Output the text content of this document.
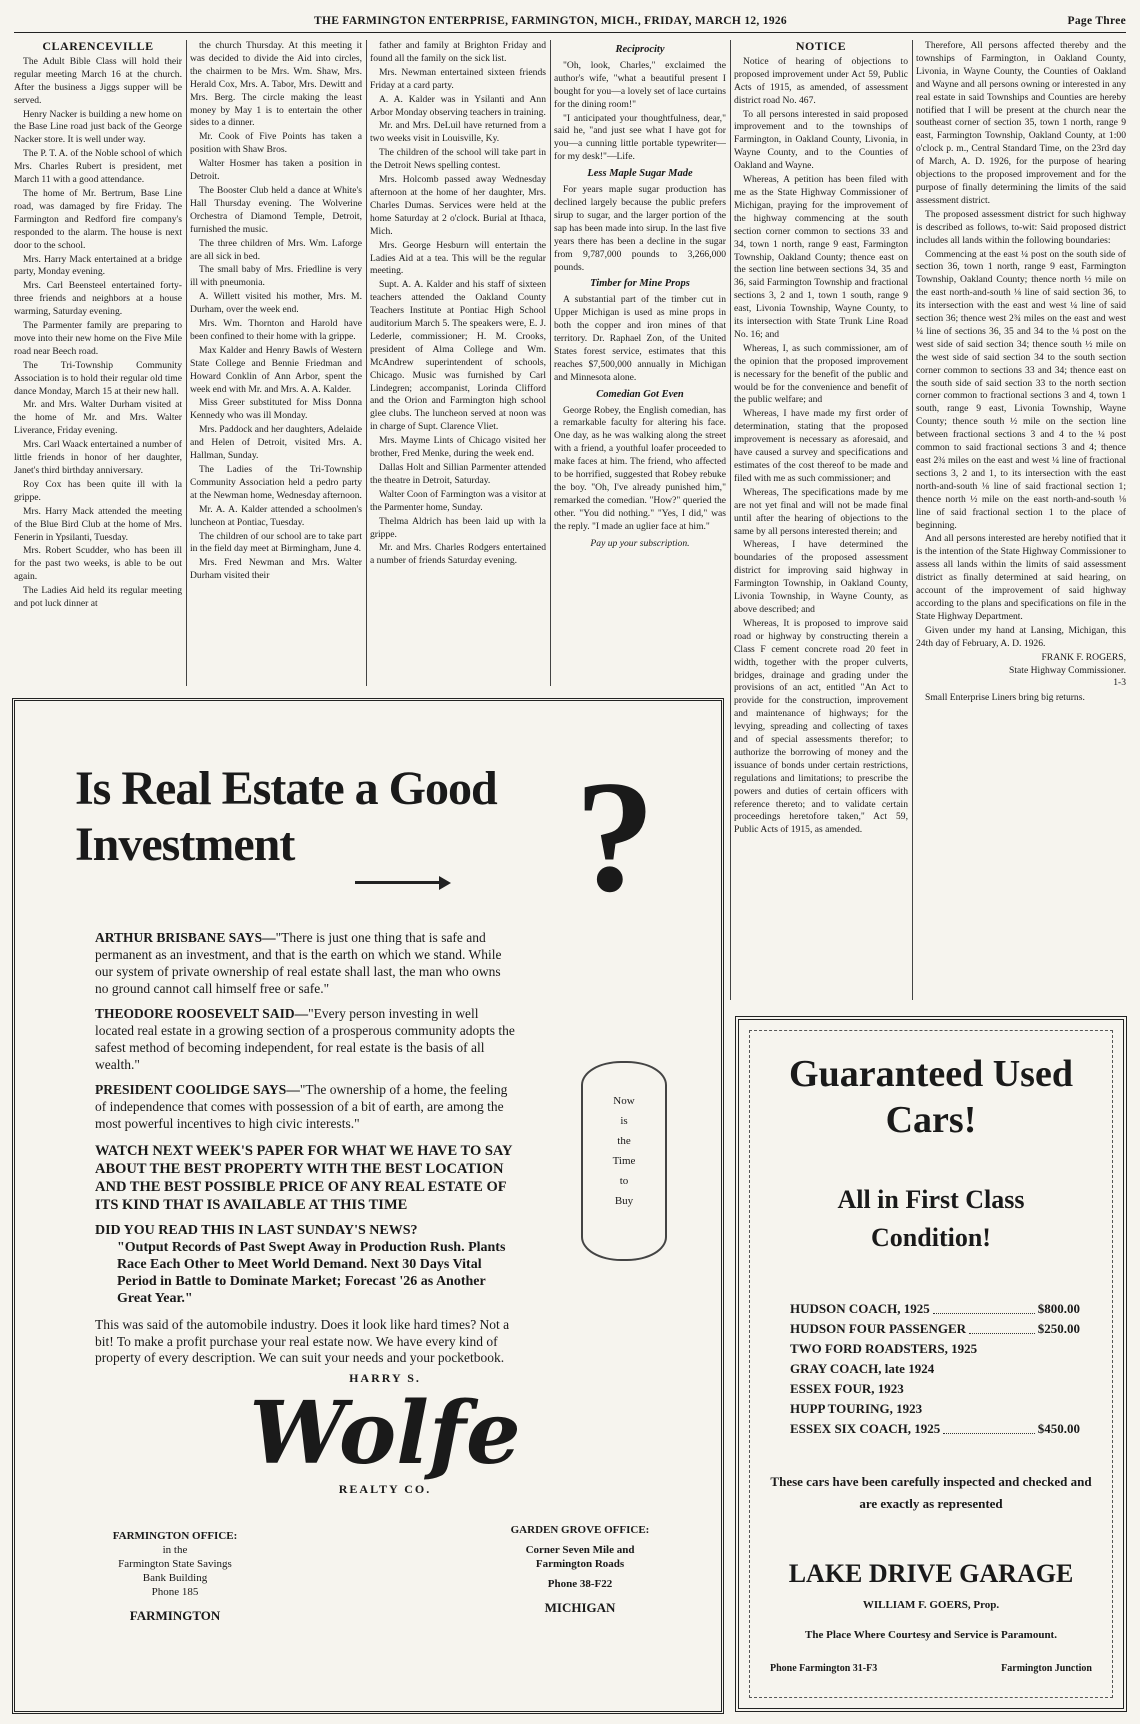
THE FARMINGTON ENTERPRISE, FARMINGTON, MICH., FRIDAY, MARCH 12, 1926	Page Three
CLARENCEVILLE

The Adult Bible Class will hold their regular meeting March 16 at the church. After the business a Jiggs supper will be served.

Henry Nacker is building a new home on the Base Line road just back of the George Nacker store. It is well under way.

The P. T. A. of the Noble school of which Mrs. Charles Rubert is president, met March 11 with a good attendance.

The home of Mr. Bertrum, Base Line road, was damaged by fire Friday. The Farmington and Redford fire company's responded to the alarm. The house is next door to the school.

Mrs. Harry Mack entertained at a bridge party, Monday evening.

Mrs. Carl Beensteel entertained forty-three friends and neighbors at a house warming, Saturday evening.

The Parmenter family are preparing to move into their new home on the Five Mile road near Beech road.

The Tri-Township Community Association is to hold their regular old time dance Monday, March 15 at their new hall.

Mr. and Mrs. Walter Durham visited at the home of Mr. and Mrs. Walter Liverance, Friday evening.

Mrs. Carl Waack entertained a number of little friends in honor of her daughter, Janet's third birthday anniversary.

Roy Cox has been quite ill with la grippe.

Mrs. Harry Mack attended the meeting of the Blue Bird Club at the home of Mrs. Fenerin in Ypsilanti, Tuesday.

Mrs. Robert Scudder, who has been ill for the past two weeks, is able to be out again.

The Ladies Aid held its regular meeting and pot luck dinner at

the church Thursday. At this meeting it was decided to divide the Aid into circles, the chairmen to be Mrs. Wm. Shaw, Mrs. Herald Cox, Mrs. A. Tabor, Mrs. Dewitt and Mrs. Berg. The circle making the least money by May 1 is to entertain the other sides to a dinner.

Mr. Cook of Five Points has taken a position with Shaw Bros.

Walter Hosmer has taken a position in Detroit.

The Booster Club held a dance at White's Hall Thursday evening. The Wolverine Orchestra of Diamond Temple, Detroit, furnished the music.

The three children of Mrs. Wm. Laforge are all sick in bed.

The small baby of Mrs. Friedline is very ill with pneumonia.

A. Willett visited his mother, Mrs. M. Durham, over the week end.

Mrs. Wm. Thornton and Harold have been confined to their home with la grippe.

Max Kalder and Henry Bawls of Western State College and Bennie Friedman and Howard Conklin of Ann Arbor, spent the week end with Mr. and Mrs. A. A. Kalder.

Miss Greer substituted for Miss Donna Kennedy who was ill Monday.

Mrs. Paddock and her daughters, Adelaide and Helen of Detroit, visited Mrs. A. Hallman, Sunday.

The Ladies of the Tri-Township Community Association held a pedro party at the Newman home, Wednesday afternoon.

Mr. A. A. Kalder attended a schoolmen's luncheon at Pontiac, Tuesday.

The children of our school are to take part in the field day meet at Birmingham, June 4.

Mrs. Fred Newman and Mrs. Walter Durham visited their

father and family at Brighton Friday and found all the family on the sick list.

Mrs. Newman entertained sixteen friends Friday at a card party.

A. A. Kalder was in Ysilanti and Ann Arbor Monday observing teachers in training.

Mr. and Mrs. DeLuil have returned from a two weeks visit in Louisville, Ky.

The children of the school will take part in the Detroit News spelling contest.

Mrs. Holcomb passed away Wednesday afternoon at the home of her daughter, Mrs. Charles Dumas. Services were held at the home Saturday at 2 o'clock. Burial at Ithaca, Mich.

Mrs. George Hesburn will entertain the Ladies Aid at a tea. This will be the regular meeting.

Supt. A. A. Kalder and his staff of sixteen teachers attended the Oakland County Teachers Institute at Pontiac High School auditorium March 5. The speakers were, E. J. Lederle, commissioner; H. M. Crooks, president of Alma College and Wm. McAndrew superintendent of schools, Chicago. Music was furnished by Carl Lindegren; accompanist, Lorinda Clifford and the Orion and Farmington high school glee clubs. The luncheon served at noon was in charge of Supt. Clarence Vliet.

Mrs. Mayme Lints of Chicago visited her brother, Fred Menke, during the week end.

Dallas Holt and Sillian Parmenter attended the theatre in Detroit, Saturday.

Walter Coon of Farmington was a visitor at the Parmenter home, Sunday.

Thelma Aldrich has been laid up with la grippe.

Mr. and Mrs. Charles Rodgers entertained a number of friends Saturday evening.

Reciprocity

"Oh, look, Charles," exclaimed the author's wife, "what a beautiful present I bought for you—a lovely set of lace curtains for the dining room!"

"I anticipated your thoughtfulness, dear," said he, "and just see what I have got for you—a cunning little portable typewriter—for my desk!"—Life.

Less Maple Sugar Made

For years maple sugar production has declined largely because the public prefers sirup to sugar, and the larger portion of the sap has been made into sirup. In the last five years there has been a decline in the sugar from 9,787,000 pounds to 3,266,000 pounds.

Timber for Mine Props

A substantial part of the timber cut in Upper Michigan is used as mine props in both the copper and iron mines of that territory. Dr. Raphael Zon, of the United States forest service, estimates that this reaches $7,500,000 annually in Michigan and Minnesota alone.

Comedian Got Even

George Robey, the English comedian, has a remarkable faculty for altering his face. One day, as he was walking along the street with a friend, a youthful loafer proceeded to make faces at him. The friend, who affected to be horrified, suggested that Robey rebuke the boy. "Oh, I've already punished him," remarked the comedian. "How?" queried the other. "You did nothing." "Yes, I did," was the reply. "I made an uglier face at him."

Pay up your subscription.
NOTICE

Notice of hearing of objections to proposed improvement under Act 59, Public Acts of 1915, as amended, of assessment district road No. 467.

To all persons interested in said proposed improvement and to the townships of Farmington, in Oakland County, Livonia, in Wayne County, and to the Counties of Oakland and Wayne.

Whereas, A petition has been filed with me as the State Highway Commissioner of Michigan, praying for the improvement of the highway commencing at the south section corner common to sections 33 and 34, town 1 north, range 9 east, Farmington Township, Oakland County; thence east on the section line between sections 34, 35 and 36, said Farmington Township and fractional sections 3, 2 and 1, town 1 south, range 9 east, Livonia Township, Wayne County, to its intersection with State Trunk Line Road No. 16; and

Whereas, I, as such commissioner, am of the opinion that the proposed improvement is necessary for the benefit of the public and would be for the convenience and benefit of the public welfare; and

Whereas, I have made my first order of determination, stating that the proposed improvement is necessary as aforesaid, and have caused a survey and specifications and estimates of the cost thereof to be made and filed with me as such commissioner; and

Whereas, The specifications made by me are not yet final and will not be made final until after the hearing of objections to the same by all persons interested therein; and

Whereas, I have determined the boundaries of the proposed assessment district for improving said highway in Farmington Township, in Oakland County, Livonia Township, in Wayne County, as above described; and

Whereas, It is proposed to improve said road or highway by constructing therein a Class F cement concrete road 20 feet in width, together with the proper culverts, bridges, drainage and grading under the provisions of an act, entitled "An Act to provide for the construction, improvement and maintenance of highways; for the levying, spreading and collecting of taxes and of special assessments therefor; to authorize the borrowing of money and the issuance of bonds under certain restrictions, regulations and limitations; to prescribe the powers and duties of certain officers with reference thereto; and to validate certain proceedings heretofore taken," Act 59, Public Acts of 1915, as amended.

Therefore, All persons affected thereby and the townships of Farmington, in Oakland County, Livonia, in Wayne County, the Counties of Oakland and Wayne and all persons owning or interested in any real estate in said Townships and Counties are hereby notified that I will be present at the church near the southeast corner of section 35, town 1 north, range 9 east, Farmington Township, Oakland County, at 1:00 o'clock p. m., Central Standard Time, on the 23rd day of March, A. D. 1926, for the purpose of hearing objections to the proposed improvement and for the purpose of finally determining the limits of the said assessment district.

The proposed assessment district for such highway is described as follows, to-wit: Said proposed district includes all lands within the following boundaries:

Commencing at the east ¼ post on the south side of section 36, town 1 north, range 9 east, Farmington Township, Oakland County; thence north ½ mile on the east north-and-south ⅛ line of said section 36, to its intersection with the east and west ¼ line of said section 36; thence west 2¾ miles on the east and west ¼ line of sections 36, 35 and 34 to the ¼ post on the west side of said section 34; thence south ½ mile on the west side of said section 34 to the south section corner common to sections 33 and 34; thence east on the south side of said section 33 to the north section corner common to fractional sections 3 and 4, town 1 south, range 9 east, Livonia Township, Wayne County; thence south ½ mile on the section line between fractional sections 3 and 4 to the ¼ post common to said fractional sections 3 and 4; thence east 2¾ miles on the east and west ¼ line of fractional sections 3, 2 and 1, to its intersection with the east north-and-south ⅛ line of said fractional section 1; thence north ½ mile on the east north-and-south ⅛ line of said fractional section 1 to the place of beginning.

And all persons interested are hereby notified that it is the intention of the State Highway Commissioner to assess all lands within the limits of said assessment district as finally determined at said hearing, on account of the improvement of said highway according to the plans and specifications on file in the State Highway Department.

Given under my hand at Lansing, Michigan, this 24th day of February, A. D. 1926.

FRANK F. ROGERS,
State Highway Commissioner.
1-3

Small Enterprise Liners bring big returns.

Is Real Estate a Good
Investment	?
ARTHUR BRISBANE SAYS—"There is just one thing that is safe and permanent as an investment, and that is the earth on which we stand. While our system of private ownership of real estate shall last, the man who owns no ground cannot call himself free or safe."
THEODORE ROOSEVELT SAID—"Every person investing in well located real estate in a growing section of a prosperous community adopts the safest method of becoming independent, for real estate is the basis of all wealth."
PRESIDENT COOLIDGE SAYS—"The ownership of a home, the feeling of independence that comes with possession of a bit of earth, are among the most powerful incentives to high civic interests."
WATCH NEXT WEEK'S PAPER FOR WHAT WE HAVE TO SAY ABOUT THE BEST PROPERTY WITH THE BEST LOCATION AND THE BEST POSSIBLE PRICE OF ANY REAL ESTATE OF ITS KIND THAT IS AVAILABLE AT THIS TIME
DID YOU READ THIS IN LAST SUNDAY'S NEWS?
"Output Records of Past Swept Away in Production Rush. Plants Race Each Other to Meet World Demand. Next 30 Days Vital Period in Battle to Dominate Market; Forecast '26 as Another Great Year."
This was said of the automobile industry. Does it look like hard times? Not a bit! To make a profit purchase your real estate now. We have every kind of property of every description. We can suit your needs and your pocketbook.
Now
is
the
Time
to
Buy
HARRY S.
Wolfe
REALTY CO.
FARMINGTON OFFICE:
in the
Farmington State Savings
Bank Building
Phone 185
FARMINGTON
GARDEN GROVE OFFICE:
Corner Seven Mile and
Farmington Roads
Phone 38-F22
MICHIGAN
Guaranteed Used
Cars!
All in First Class
Condition!
HUDSON COACH, 1925	$800.00
HUDSON FOUR PASSENGER	$250.00
TWO FORD ROADSTERS, 1925
GRAY COACH, late 1924
ESSEX FOUR, 1923
HUPP TOURING, 1923
ESSEX SIX COACH, 1925	$450.00
These cars have been carefully inspected and checked and are exactly as represented
LAKE DRIVE GARAGE
WILLIAM F. GOERS, Prop.
The Place Where Courtesy and Service is Paramount.
Phone Farmington 31-F3	Farmington Junction
